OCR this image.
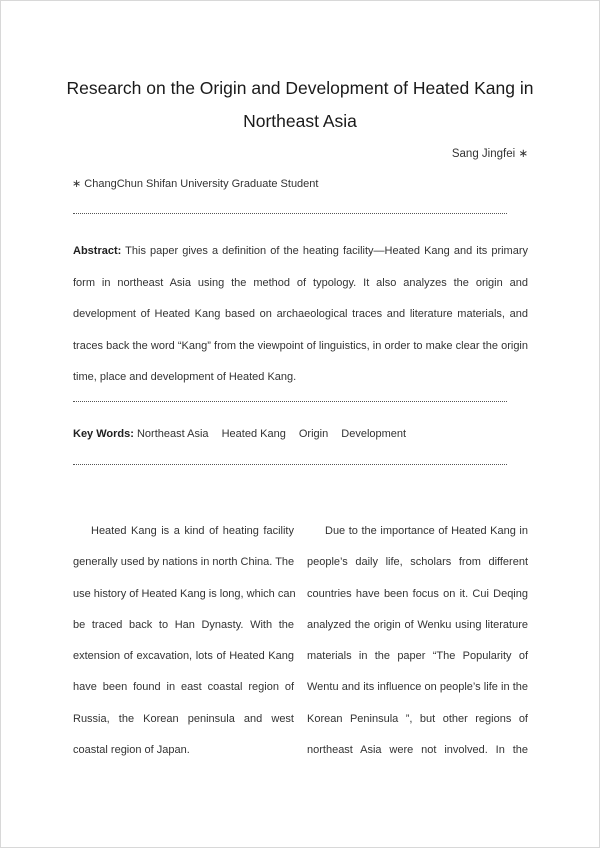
Research on the Origin and Development of Heated Kang in
Northeast Asia
Sang Jingfei ∗
∗ ChangChun Shifan University Graduate Student
Abstract: This paper gives a definition of the heating facility—Heated Kang and its primary
form in northeast Asia using the method of typology. It also analyzes the origin and
development of Heated Kang based on archaeological traces and literature materials, and
traces back the word “Kang” from the viewpoint of linguistics, in order to make clear the origin
time, place and development of Heated Kang.
Key Words: Northeast Asia Heated Kang Origin Development
Heated Kang is a kind of heating facility
generally used by nations in north China. The
use history of Heated Kang is long, which can
be traced back to Han Dynasty. With the
extension of excavation, lots of Heated Kang
have been found in east coastal region of
Russia, the Korean peninsula and west
coastal region of Japan.
Due to the importance of Heated Kang in
people’s daily life, scholars from different
countries have been focus on it. Cui Deqing
analyzed the origin of Wenku using literature
materials in the paper “The Popularity of
Wentu and its influence on people’s life in the
Korean Peninsula ”, but other regions of
northeast Asia were not involved. In the
